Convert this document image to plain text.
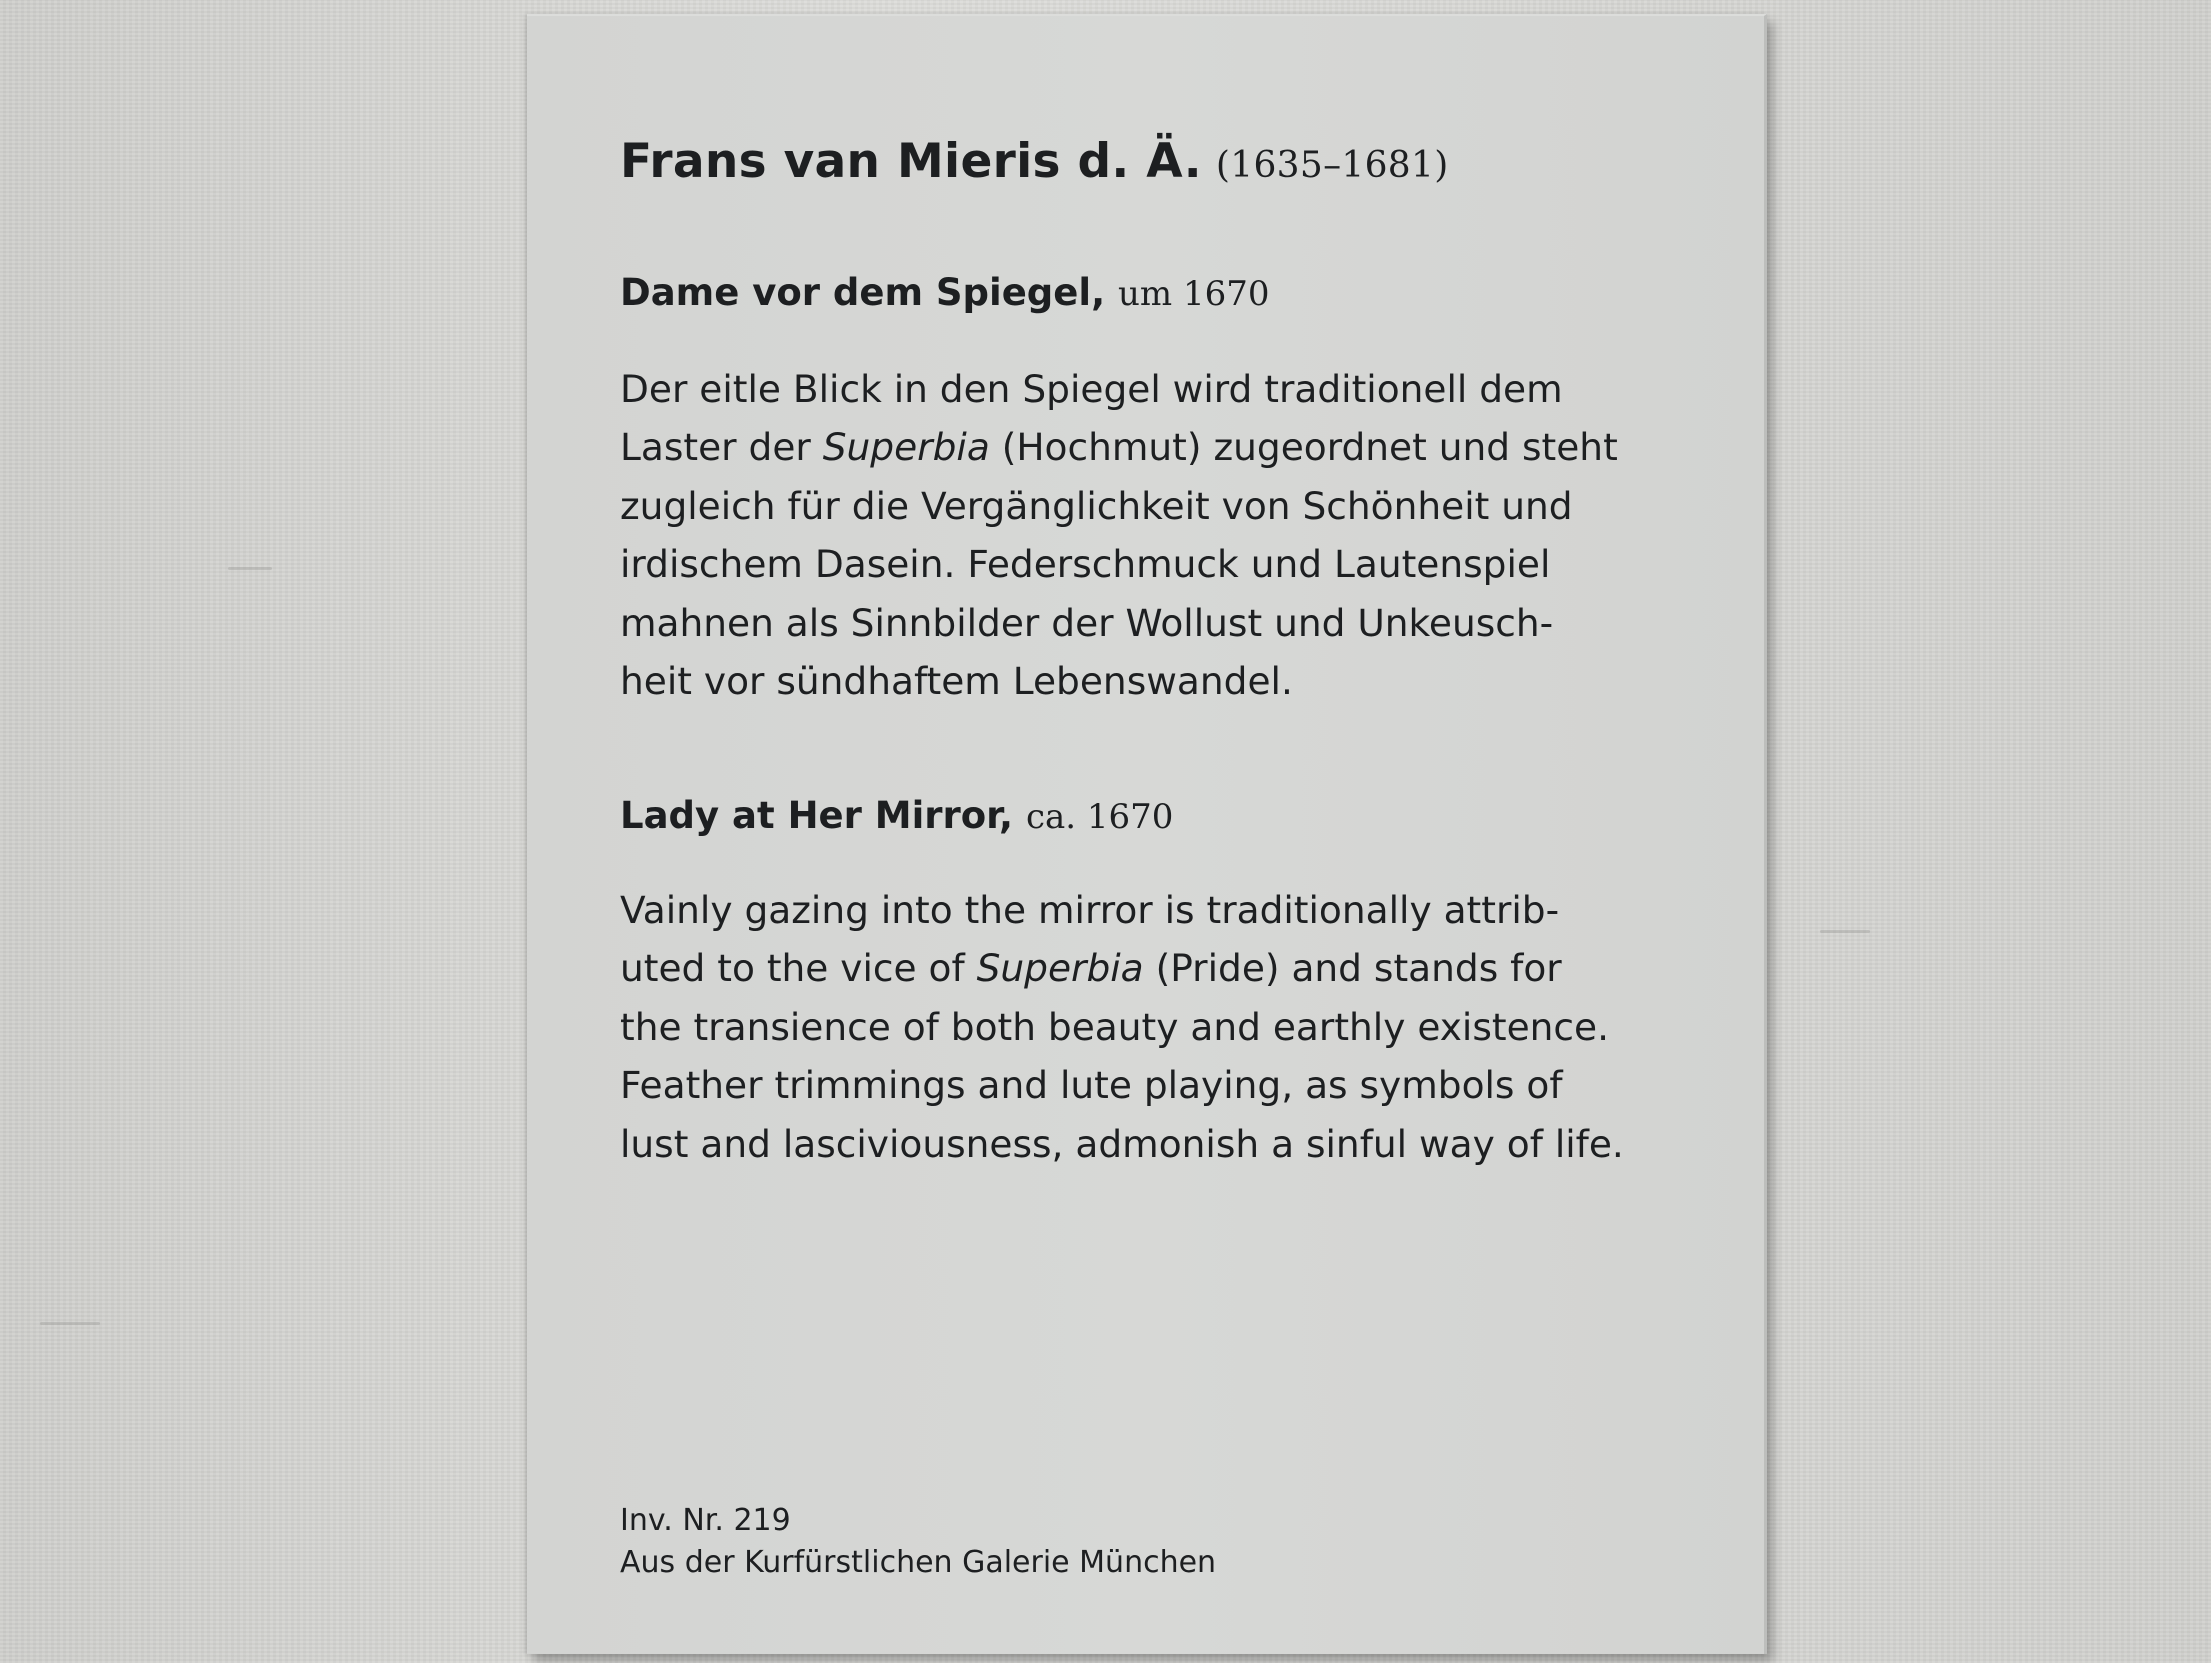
Frans van Mieris d. Ä. (1635–1681)
Dame vor dem Spiegel, um 1670
Der eitle Blick in den Spiegel wird traditionell dem
Laster der Superbia (Hochmut) zugeordnet und steht
zugleich für die Vergänglichkeit von Schönheit und
irdischem Dasein. Federschmuck und Lautenspiel
mahnen als Sinnbilder der Wollust und Unkeusch-
heit vor sündhaftem Lebenswandel.
Lady at Her Mirror, ca. 1670
Vainly gazing into the mirror is traditionally attrib-
uted to the vice of Superbia (Pride) and stands for
the transience of both beauty and earthly existence.
Feather trimmings and lute playing, as symbols of
lust and lasciviousness, admonish a sinful way of life.
Inv. Nr. 219
Aus der Kurfürstlichen Galerie München
